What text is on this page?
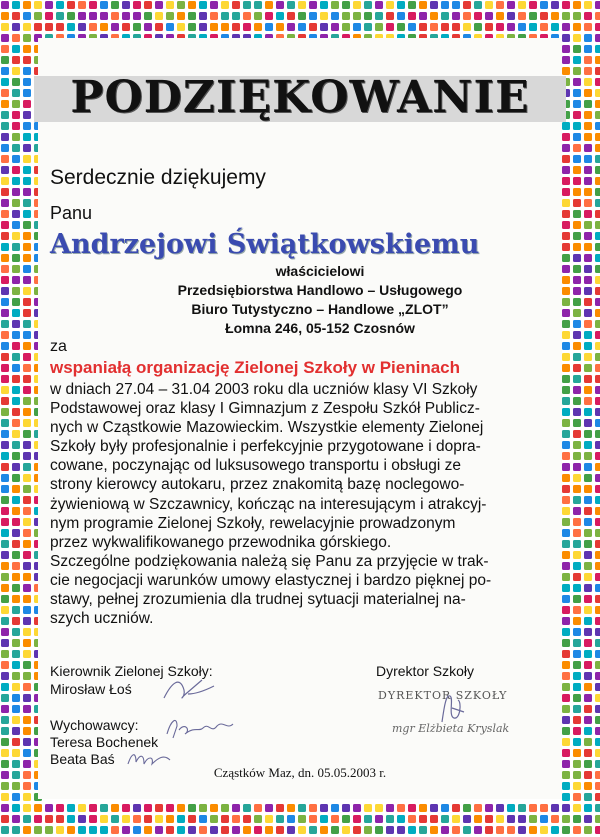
PODZIĘKOWANIE
Serdecznie dziękujemy
Panu
Andrzejowi Świątkowskiemu
właścicielowi
Przedsiębiorstwa Handlowo – Usługowego
Biuro Tutystyczno – Handlowe „ZLOT”
Łomna 246, 05-152 Czosnów
za
wspaniałą organizację Zielonej Szkoły w Pieninach
w dniach 27.04 – 31.04 2003 roku dla uczniów klasy VI Szkoły
Podstawowej oraz klasy I Gimnazjum z Zespołu Szkół Publicz-
nych w Cząstkowie Mazowieckim. Wszystkie elementy Zielonej
Szkoły były profesjonalnie i perfekcyjnie przygotowane i dopra-
cowane, poczynając od luksusowego transportu i obsługi ze
strony kierowcy autokaru, przez znakomitą bazę noclegowo-
żywieniową w Szczawnicy, kończąc na interesującym i atrakcyj-
nym programie Zielonej Szkoły, rewelacyjnie prowadzonym
przez wykwalifikowanego przewodnika górskiego.
Szczególne podziękowania należą się Panu za przyjęcie w trak-
cie negocjacji warunków umowy elastycznej i bardzo pięknej po-
stawy, pełnej zrozumienia dla trudnej sytuacji materialnej na-
szych uczniów.
Kierownik Zielonej Szkoły:
Mirosław Łoś
Dyrektor Szkoły
DYREKTOR SZKOŁY
mgr Elżbieta Kryslak
Wychowawcy:
Teresa Bochenek
Beata Baś
Cząstków Maz, dn. 05.05.2003 r.
